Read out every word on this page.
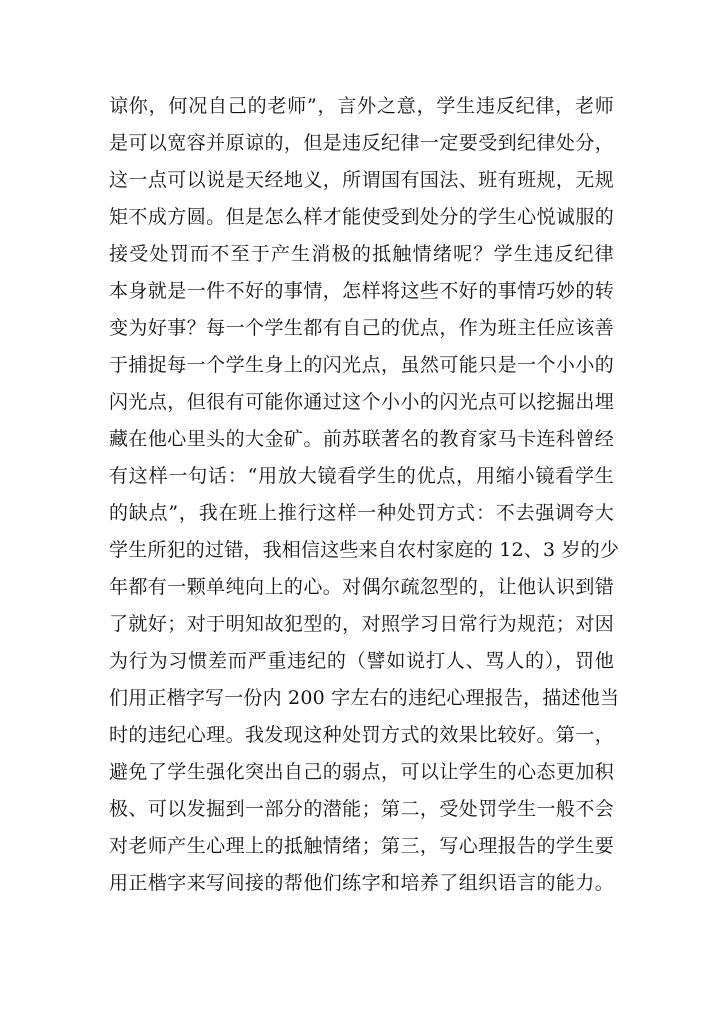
谅你，何况自己的老师”，言外之意，学生违反纪律，老师
是可以宽容并原谅的，但是违反纪律一定要受到纪律处分，
这一点可以说是天经地义，所谓国有国法、班有班规，无规
矩不成方圆。但是怎么样才能使受到处分的学生心悦诚服的
接受处罚而不至于产生消极的抵触情绪呢？学生违反纪律
本身就是一件不好的事情，怎样将这些不好的事情巧妙的转
变为好事？每一个学生都有自己的优点，作为班主任应该善
于捕捉每一个学生身上的闪光点，虽然可能只是一个小小的
闪光点，但很有可能你通过这个小小的闪光点可以挖掘出埋
藏在他心里头的大金矿。前苏联著名的教育家马卡连科曾经
有这样一句话：“用放大镜看学生的优点，用缩小镜看学生
的缺点”，我在班上推行这样一种处罚方式：不去强调夸大
学生所犯的过错，我相信这些来自农村家庭的 12、3 岁的少
年都有一颗单纯向上的心。对偶尔疏忽型的，让他认识到错
了就好；对于明知故犯型的，对照学习日常行为规范；对因
为行为习惯差而严重违纪的（譬如说打人、骂人的），罚他
们用正楷字写一份内 200 字左右的违纪心理报告，描述他当
时的违纪心理。我发现这种处罚方式的效果比较好。第一，
避免了学生强化突出自己的弱点，可以让学生的心态更加积
极、可以发掘到一部分的潜能；第二，受处罚学生一般不会
对老师产生心理上的抵触情绪；第三，写心理报告的学生要
用正楷字来写间接的帮他们练字和培养了组织语言的能力。
